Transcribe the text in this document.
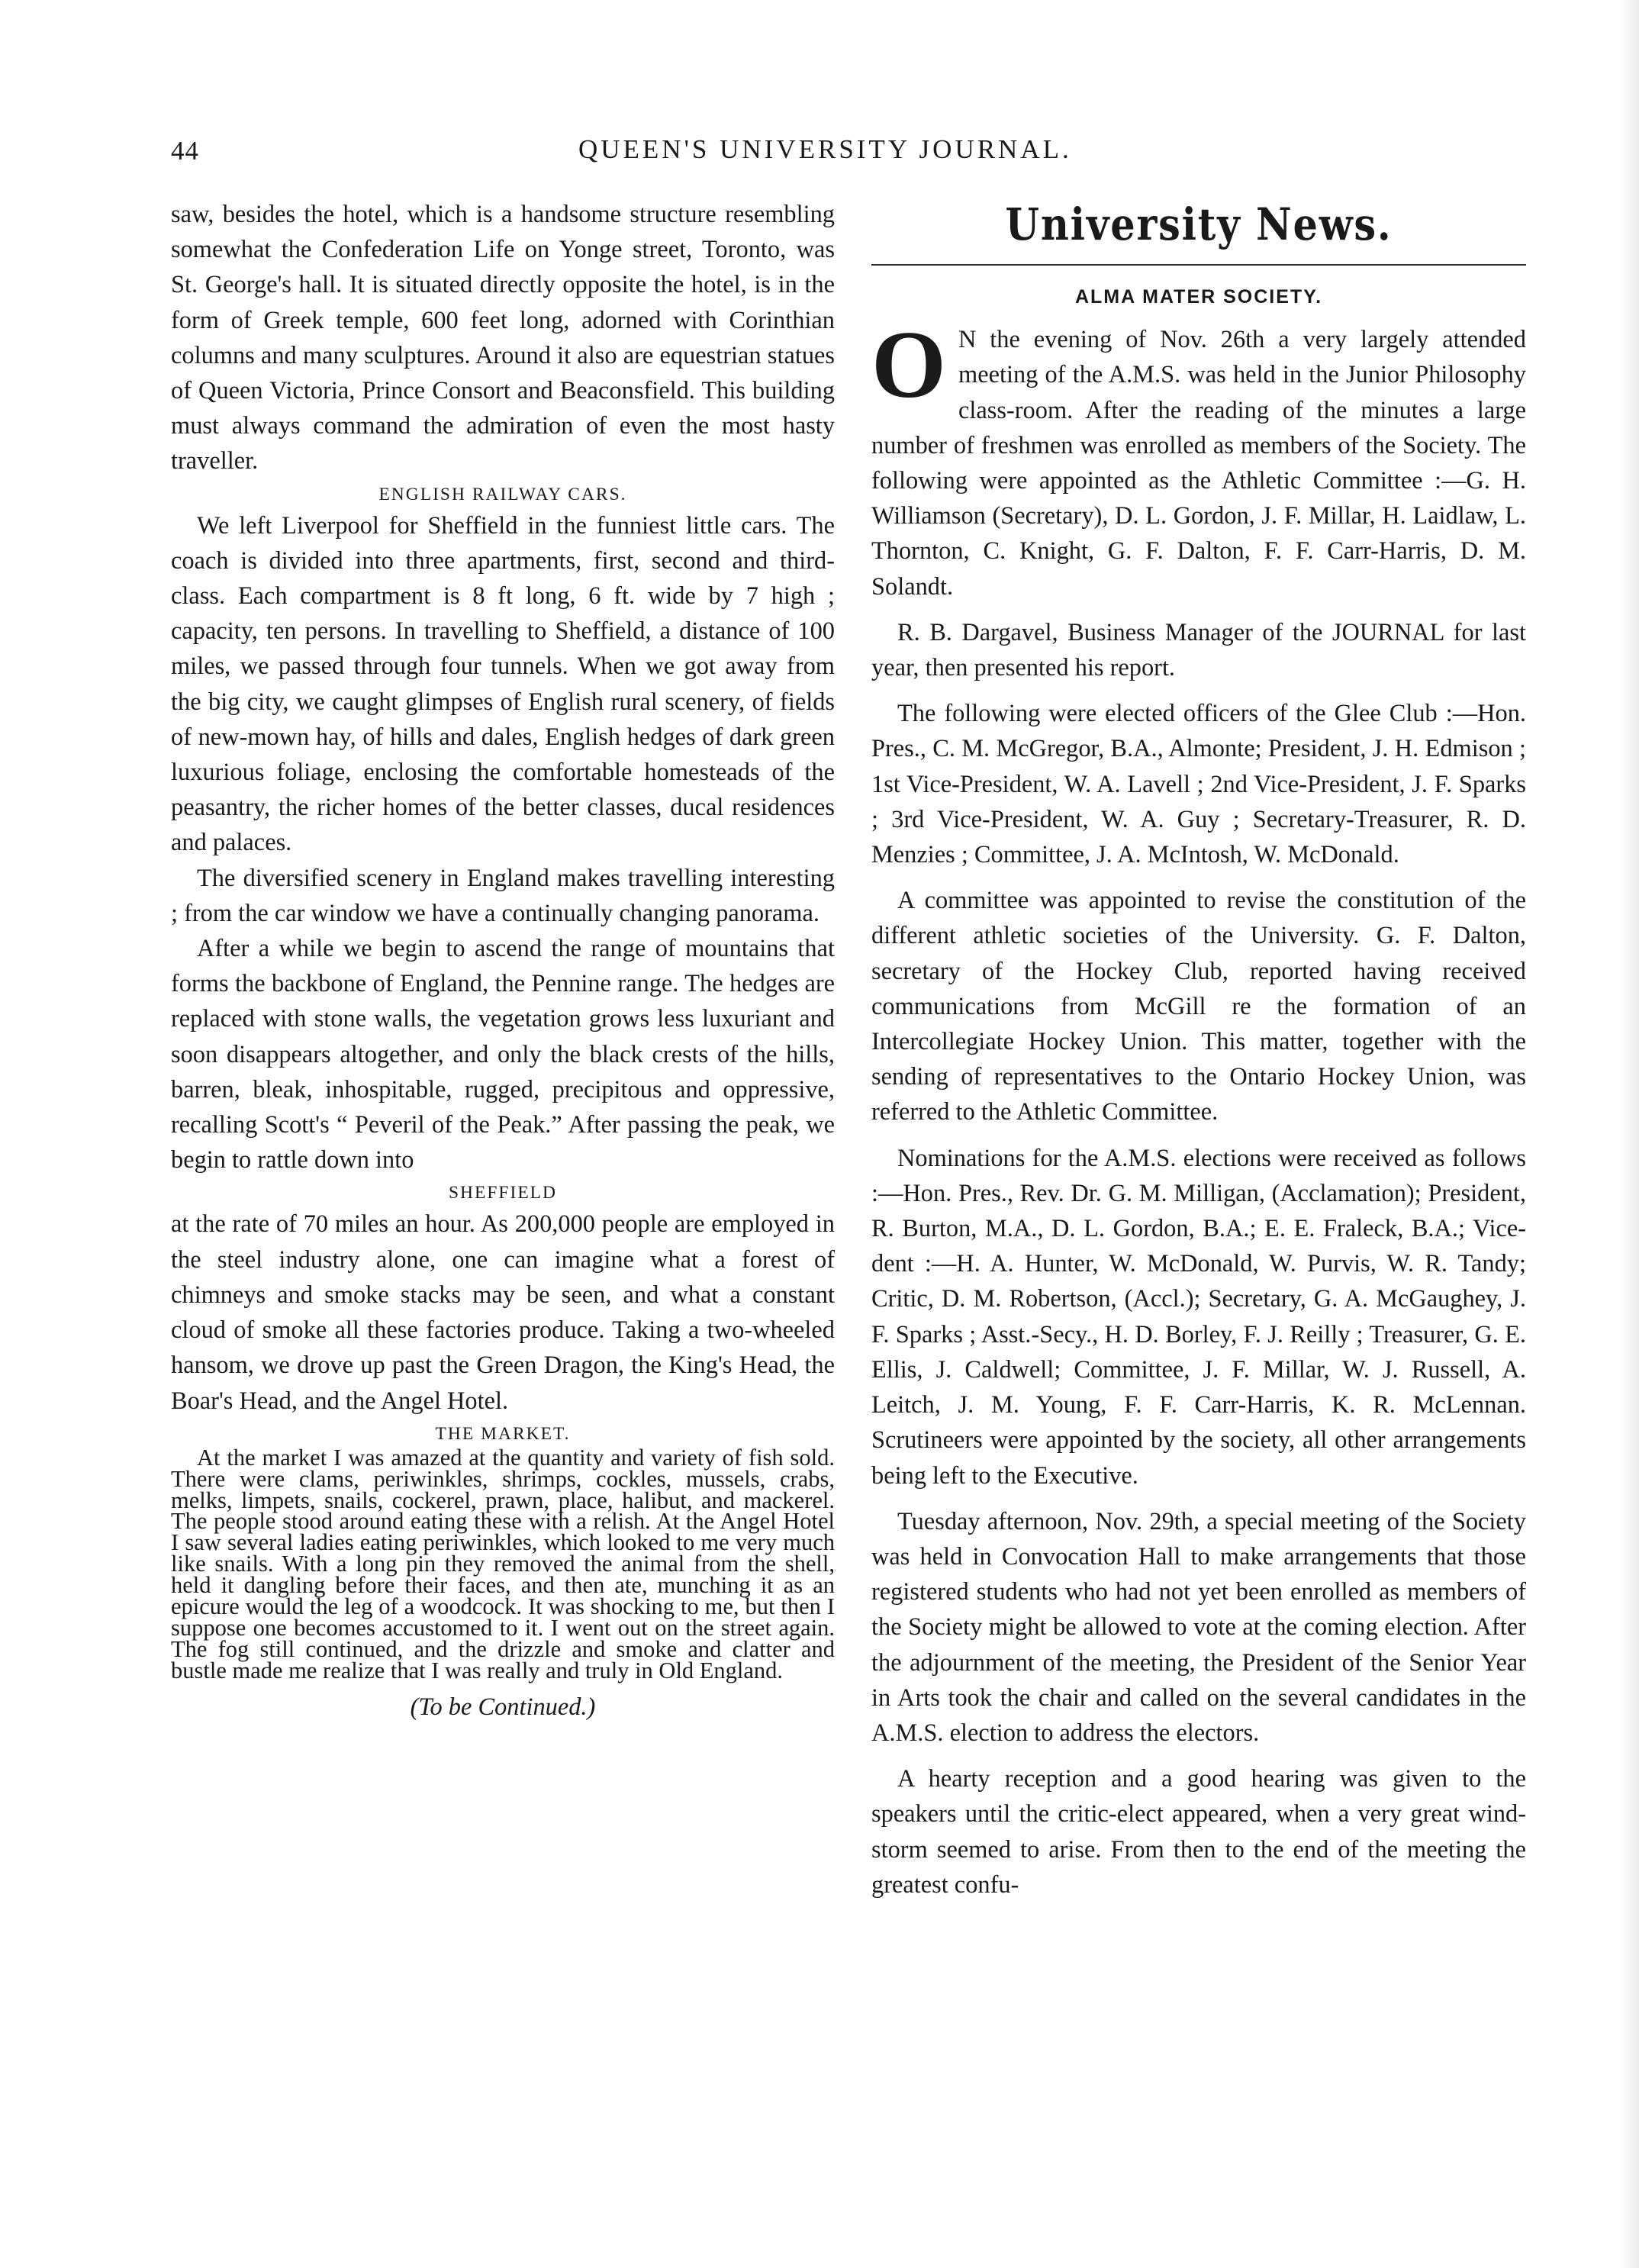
44	QUEEN'S UNIVERSITY JOURNAL.

saw, besides the hotel, which is a handsome structure resembling somewhat the Confederation Life on Yonge street, Toronto, was St. George's hall. It is situated directly opposite the hotel, is in the form of Greek temple, 600 feet long, adorned with Corinthian columns and many sculptures. Around it also are equestrian statues of Queen Victoria, Prince Consort and Beaconsfield. This building must always command the admiration of even the most hasty traveller.

ENGLISH RAILWAY CARS.

We left Liverpool for Sheffield in the funniest little cars. The coach is divided into three apartments, first, second and third-class. Each compartment is 8 ft long, 6 ft. wide by 7 high ; capacity, ten persons. In travelling to Sheffield, a distance of 100 miles, we passed through four tunnels. When we got away from the big city, we caught glimpses of English rural scenery, of fields of new-mown hay, of hills and dales, English hedges of dark green luxurious foliage, enclosing the comfortable homesteads of the peasantry, the richer homes of the better classes, ducal residences and palaces.

The diversified scenery in England makes travelling interesting ; from the car window we have a continually changing panorama.

After a while we begin to ascend the range of mountains that forms the backbone of England, the Pennine range. The hedges are replaced with stone walls, the vegetation grows less luxuriant and soon disappears altogether, and only the black crests of the hills, barren, bleak, inhospitable, rugged, precipitous and oppressive, recalling Scott's “ Peveril of the Peak.” After passing the peak, we begin to rattle down into

SHEFFIELD

at the rate of 70 miles an hour. As 200,000 people are employed in the steel industry alone, one can imagine what a forest of chimneys and smoke stacks may be seen, and what a constant cloud of smoke all these factories produce. Taking a two-wheeled hansom, we drove up past the Green Dragon, the King's Head, the Boar's Head, and the Angel Hotel.

THE MARKET.

At the market I was amazed at the quantity and variety of fish sold. There were clams, periwinkles, shrimps, cockles, mussels, crabs, melks, limpets, snails, cockerel, prawn, place, halibut, and mackerel. The people stood around eating these with a relish. At the Angel Hotel I saw several ladies eating periwinkles, which looked to me very much like snails. With a long pin they removed the animal from the shell, held it dangling before their faces, and then ate, munching it as an epicure would the leg of a woodcock. It was shocking to me, but then I suppose one becomes accustomed to it. I went out on the street again. The fog still continued, and the drizzle and smoke and clatter and bustle made me realize that I was really and truly in Old England.

(To be Continued.)
University News.
ALMA MATER SOCIETY.

O N the evening of Nov. 26th a very largely attended meeting of the A.M.S. was held in the Junior Philosophy class-room. After the reading of the minutes a large number of freshmen was enrolled as members of the Society. The following were appointed as the Athletic Committee :—G. H. Williamson (Secretary), D. L. Gordon, J. F. Millar, H. Laidlaw, L. Thornton, C. Knight, G. F. Dalton, F. F. Carr-Harris, D. M. Solandt.

R. B. Dargavel, Business Manager of the JOURNAL for last year, then presented his report.

The following were elected officers of the Glee Club :—Hon. Pres., C. M. McGregor, B.A., Almonte; President, J. H. Edmison ; 1st Vice-President, W. A. Lavell ; 2nd Vice-President, J. F. Sparks ; 3rd Vice-President, W. A. Guy ; Secretary-Treasurer, R. D. Menzies ; Committee, J. A. McIntosh, W. McDonald.

A committee was appointed to revise the constitution of the different athletic societies of the University. G. F. Dalton, secretary of the Hockey Club, reported having received communications from McGill re the formation of an Intercollegiate Hockey Union. This matter, together with the sending of representatives to the Ontario Hockey Union, was referred to the Athletic Committee.

Nominations for the A.M.S. elections were received as follows :—Hon. Pres., Rev. Dr. G. M. Milligan, (Acclamation); President, R. Burton, M.A., D. L. Gordon, B.A.; E. E. Fraleck, B.A.; Vice-dent :—H. A. Hunter, W. McDonald, W. Purvis, W. R. Tandy; Critic, D. M. Robertson, (Accl.); Secretary, G. A. McGaughey, J. F. Sparks ; Asst.-Secy., H. D. Borley, F. J. Reilly ; Treasurer, G. E. Ellis, J. Caldwell; Committee, J. F. Millar, W. J. Russell, A. Leitch, J. M. Young, F. F. Carr-Harris, K. R. McLennan. Scrutineers were appointed by the society, all other arrangements being left to the Executive.

Tuesday afternoon, Nov. 29th, a special meeting of the Society was held in Convocation Hall to make arrangements that those registered students who had not yet been enrolled as members of the Society might be allowed to vote at the coming election. After the adjournment of the meeting, the President of the Senior Year in Arts took the chair and called on the several candidates in the A.M.S. election to address the electors.

A hearty reception and a good hearing was given to the speakers until the critic-elect appeared, when a very great wind-storm seemed to arise. From then to the end of the meeting the greatest confu-
